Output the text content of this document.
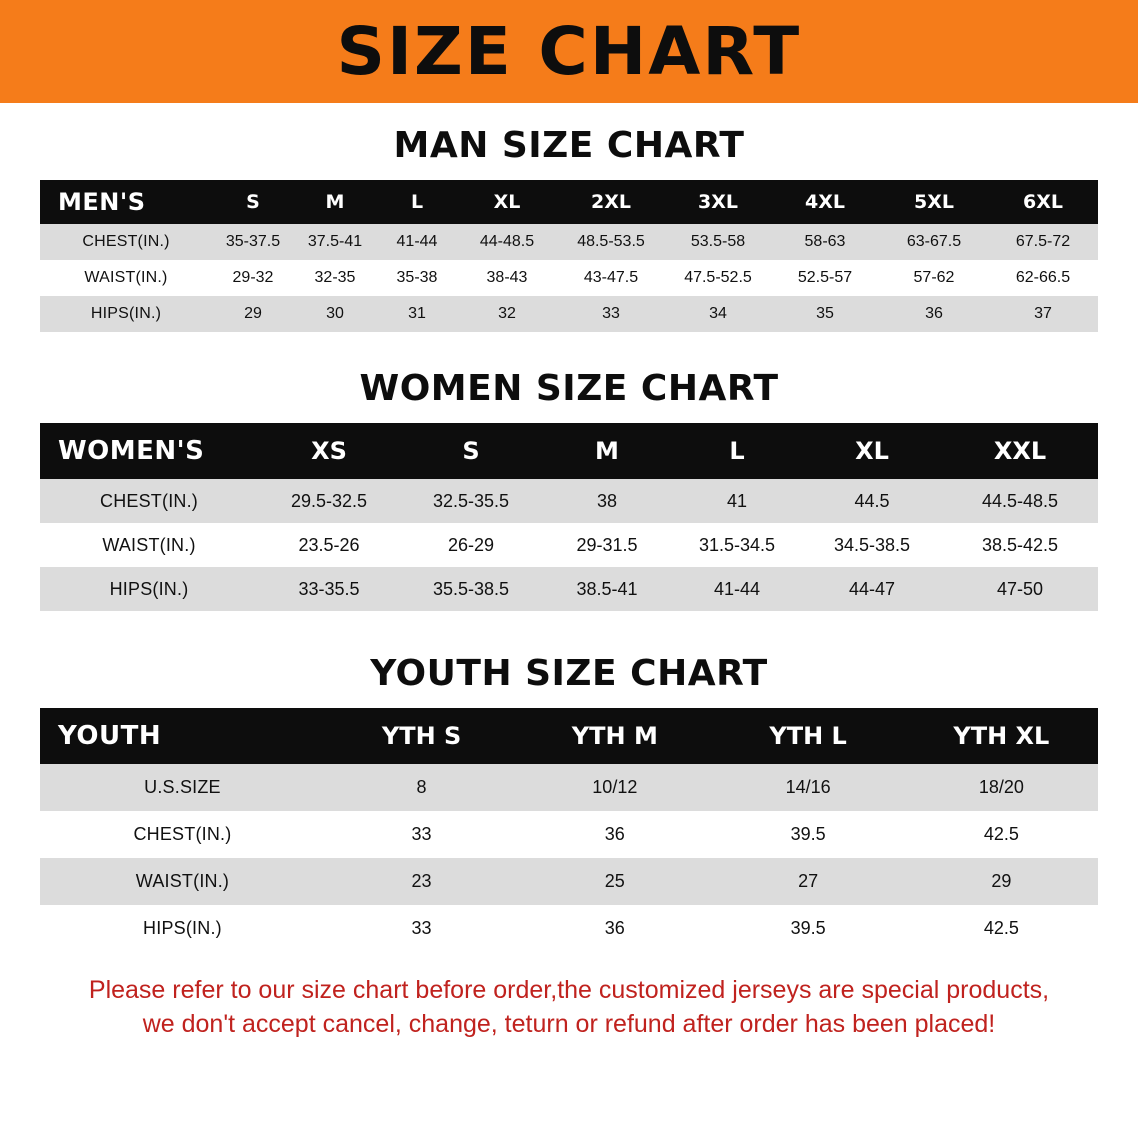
SIZE CHART
MAN SIZE CHART
MEN'S	S	M	L	XL	2XL	3XL	4XL	5XL	6XL
CHEST(IN.)	35-37.5	37.5-41	41-44	44-48.5	48.5-53.5	53.5-58	58-63	63-67.5	67.5-72
WAIST(IN.)	29-32	32-35	35-38	38-43	43-47.5	47.5-52.5	52.5-57	57-62	62-66.5
HIPS(IN.)	29	30	31	32	33	34	35	36	37
WOMEN SIZE CHART
WOMEN'S	XS	S	M	L	XL	XXL
CHEST(IN.)	29.5-32.5	32.5-35.5	38	41	44.5	44.5-48.5
WAIST(IN.)	23.5-26	26-29	29-31.5	31.5-34.5	34.5-38.5	38.5-42.5
HIPS(IN.)	33-35.5	35.5-38.5	38.5-41	41-44	44-47	47-50
YOUTH SIZE CHART
YOUTH	YTH S	YTH M	YTH L	YTH XL
U.S.SIZE	8	10/12	14/16	18/20
CHEST(IN.)	33	36	39.5	42.5
WAIST(IN.)	23	25	27	29
HIPS(IN.)	33	36	39.5	42.5
Please refer to our size chart before order,the customized jerseys are special products,
we don't accept cancel, change, teturn or refund after order has been placed!
